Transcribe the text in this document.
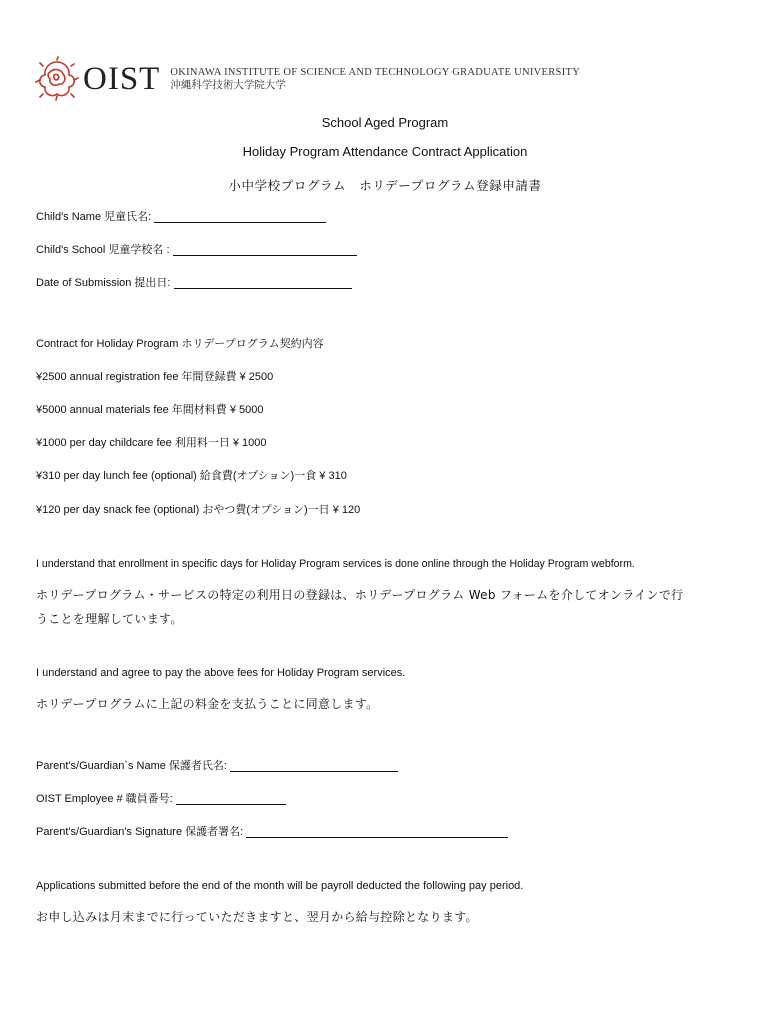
OIST OKINAWA INSTITUTE OF SCIENCE AND TECHNOLOGY GRADUATE UNIVERSITY
沖縄科学技術大学院大学
School Aged Program
Holiday Program Attendance Contract Application
小中学校プログラム　ホリデープログラム登録申請書
Child's Name 児童氏名:
Child's School 児童学校名 :
Date of Submission 提出日:
Contract for Holiday Program ホリデープログラム契約内容
¥2500 annual registration fee 年間登録費 ¥ 2500
¥5000 annual materials fee 年間材料費 ¥ 5000
¥1000 per day childcare fee 利用料一日 ¥ 1000
¥310 per day lunch fee (optional) 給食費(オプション)一食 ¥ 310
¥120 per day snack fee (optional) おやつ費(オプション)一日 ¥ 120
I understand that enrollment in specific days for Holiday Program services is done online through the Holiday Program webform.
ホリデープログラム・サービスの特定の利用日の登録は、ホリデープログラム Web フォームを介してオンラインで行
うことを理解しています。
I understand and agree to pay the above fees for Holiday Program services.
ホリデープログラムに上記の料金を支払うことに同意します。
Parent's/Guardian`s Name 保護者氏名:
OIST Employee # 職員番号:
Parent's/Guardian's Signature 保護者署名:
Applications submitted before the end of the month will be payroll deducted the following pay period.
お申し込みは月末までに行っていただきますと、翌月から給与控除となります。
